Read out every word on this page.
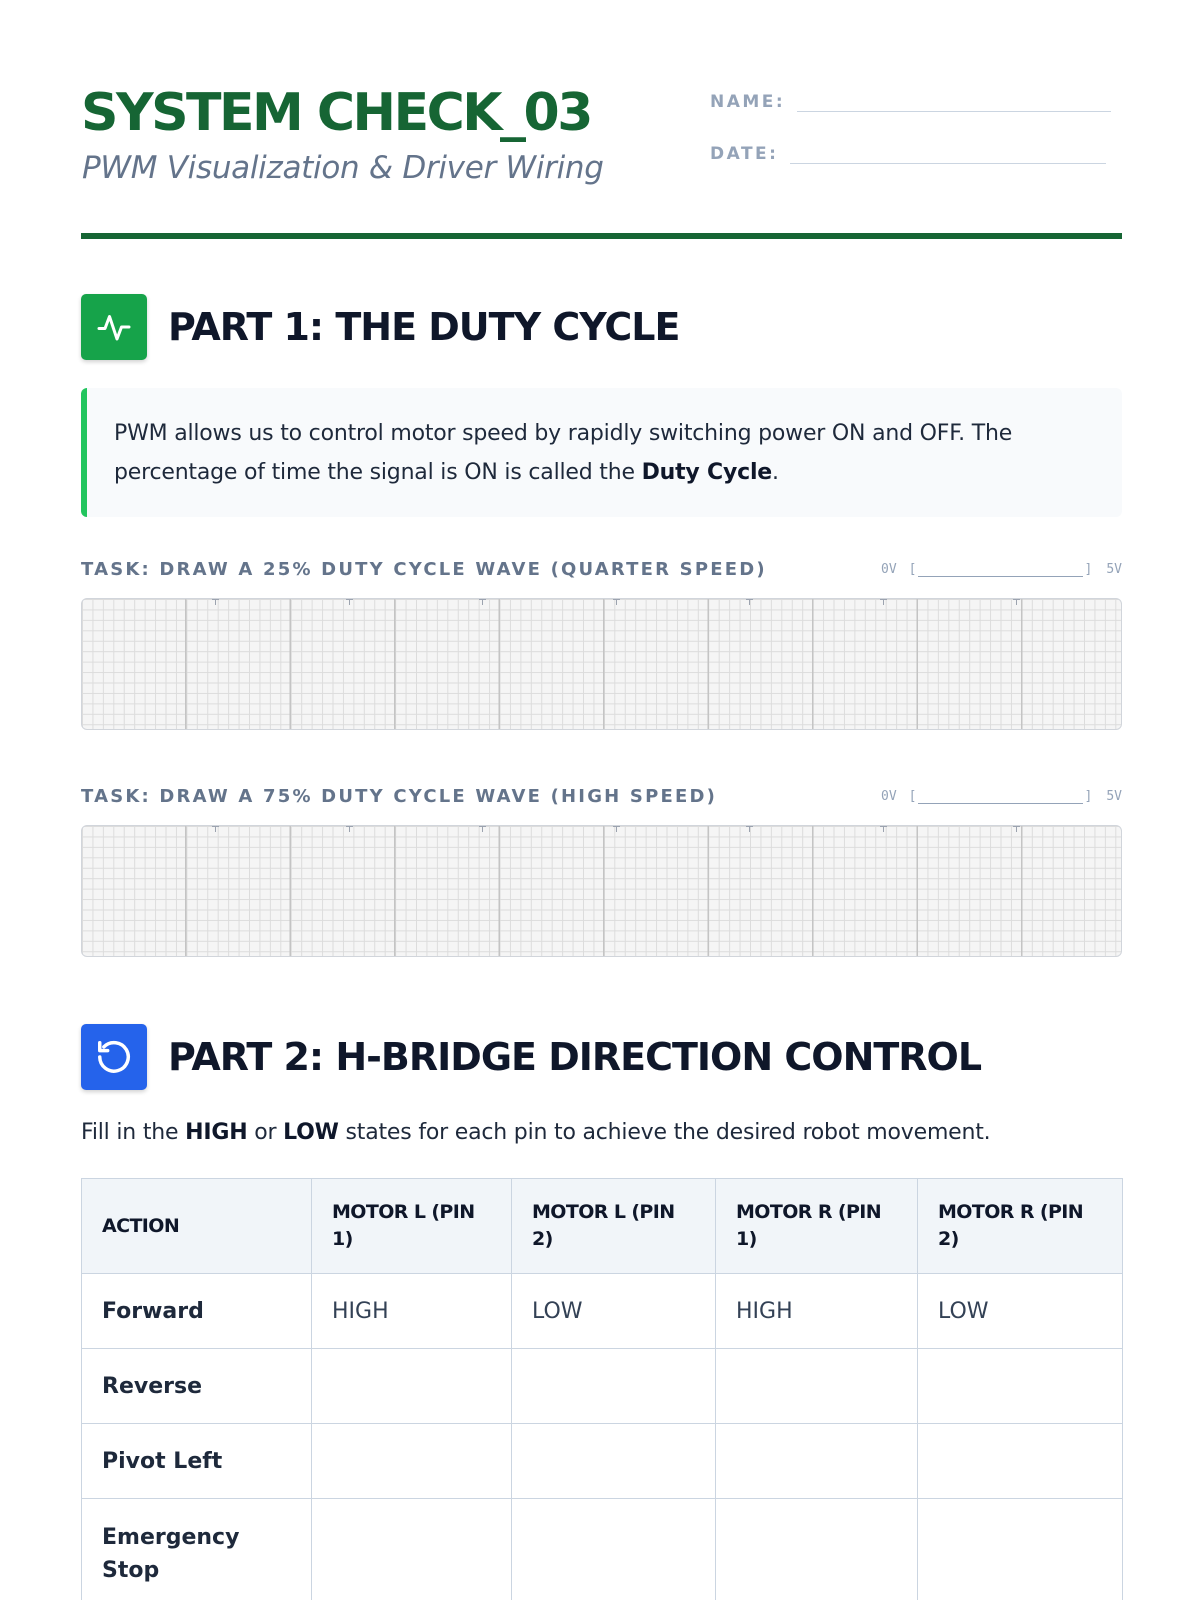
SYSTEM CHECK_03
PWM Visualization & Driver Wiring
NAME:
DATE:
PART 1: THE DUTY CYCLE

PWM allows us to control motor speed by rapidly switching power ON and OFF. The percentage of time the signal is ON is called the Duty Cycle.

TASK: DRAW A 25% DUTY CYCLE WAVE (QUARTER SPEED)	0V [	] 5V
TASK: DRAW A 75% DUTY CYCLE WAVE (HIGH SPEED)	0V [	] 5V
PART 2: H-BRIDGE DIRECTION CONTROL
Fill in the HIGH or LOW states for each pin to achieve the desired robot movement.
ACTION	MOTOR L (PIN 1)	MOTOR L (PIN 2)	MOTOR R (PIN 1)	MOTOR R (PIN 2)
Forward	HIGH	LOW	HIGH	LOW
Reverse				
Pivot Left				
Emergency Stop				
